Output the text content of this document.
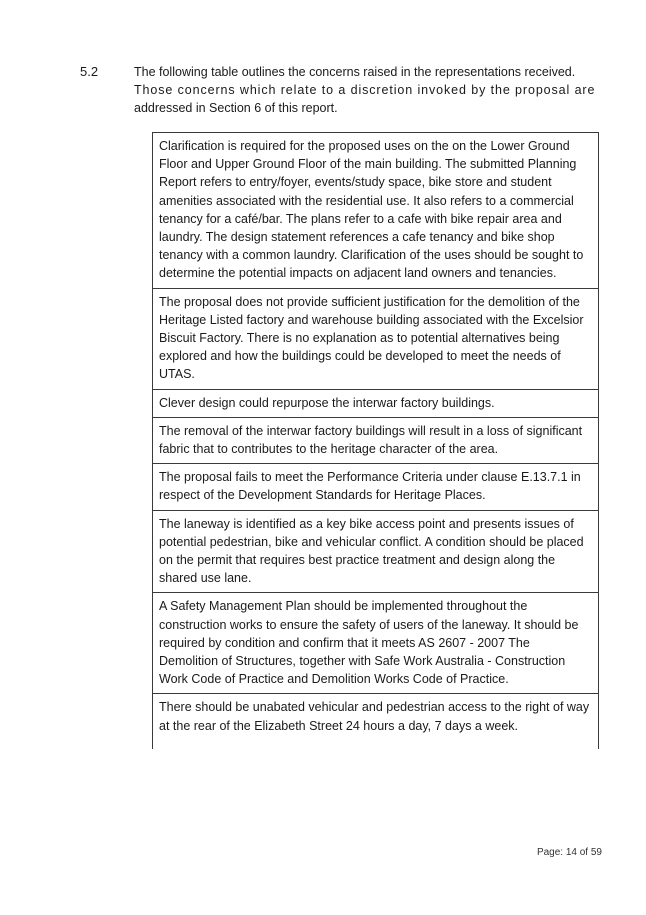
5.2	The following table outlines the concerns raised in the representations received.
Those concerns which relate to a discretion invoked by the proposal are
addressed in Section 6 of this report.

Clarification is required for the proposed uses on the on the Lower Ground Floor and Upper Ground Floor of the main building. The submitted Planning Report refers to entry/foyer, events/study space, bike store and student amenities associated with the residential use. It also refers to a commercial tenancy for a café/bar. The plans refer to a cafe with bike repair area and laundry. The design statement references a cafe tenancy and bike shop tenancy with a common laundry. Clarification of the uses should be sought to determine the potential impacts on adjacent land owners and tenancies.
The proposal does not provide sufficient justification for the demolition of the Heritage Listed factory and warehouse building associated with the Excelsior Biscuit Factory. There is no explanation as to potential alternatives being explored and how the buildings could be developed to meet the needs of UTAS.
Clever design could repurpose the interwar factory buildings.
The removal of the interwar factory buildings will result in a loss of significant fabric that to contributes to the heritage character of the area.
The proposal fails to meet the Performance Criteria under clause E.13.7.1 in respect of the Development Standards for Heritage Places.
The laneway is identified as a key bike access point and presents issues of potential pedestrian, bike and vehicular conflict. A condition should be placed on the permit that requires best practice treatment and design along the shared use lane.
A Safety Management Plan should be implemented throughout the construction works to ensure the safety of users of the laneway. It should be required by condition and confirm that it meets AS 2607 - 2007 The Demolition of Structures, together with Safe Work Australia - Construction Work Code of Practice and Demolition Works Code of Practice.
There should be unabated vehicular and pedestrian access to the right of way at the rear of the Elizabeth Street 24 hours a day, 7 days a week.
Page: 14 of 59
